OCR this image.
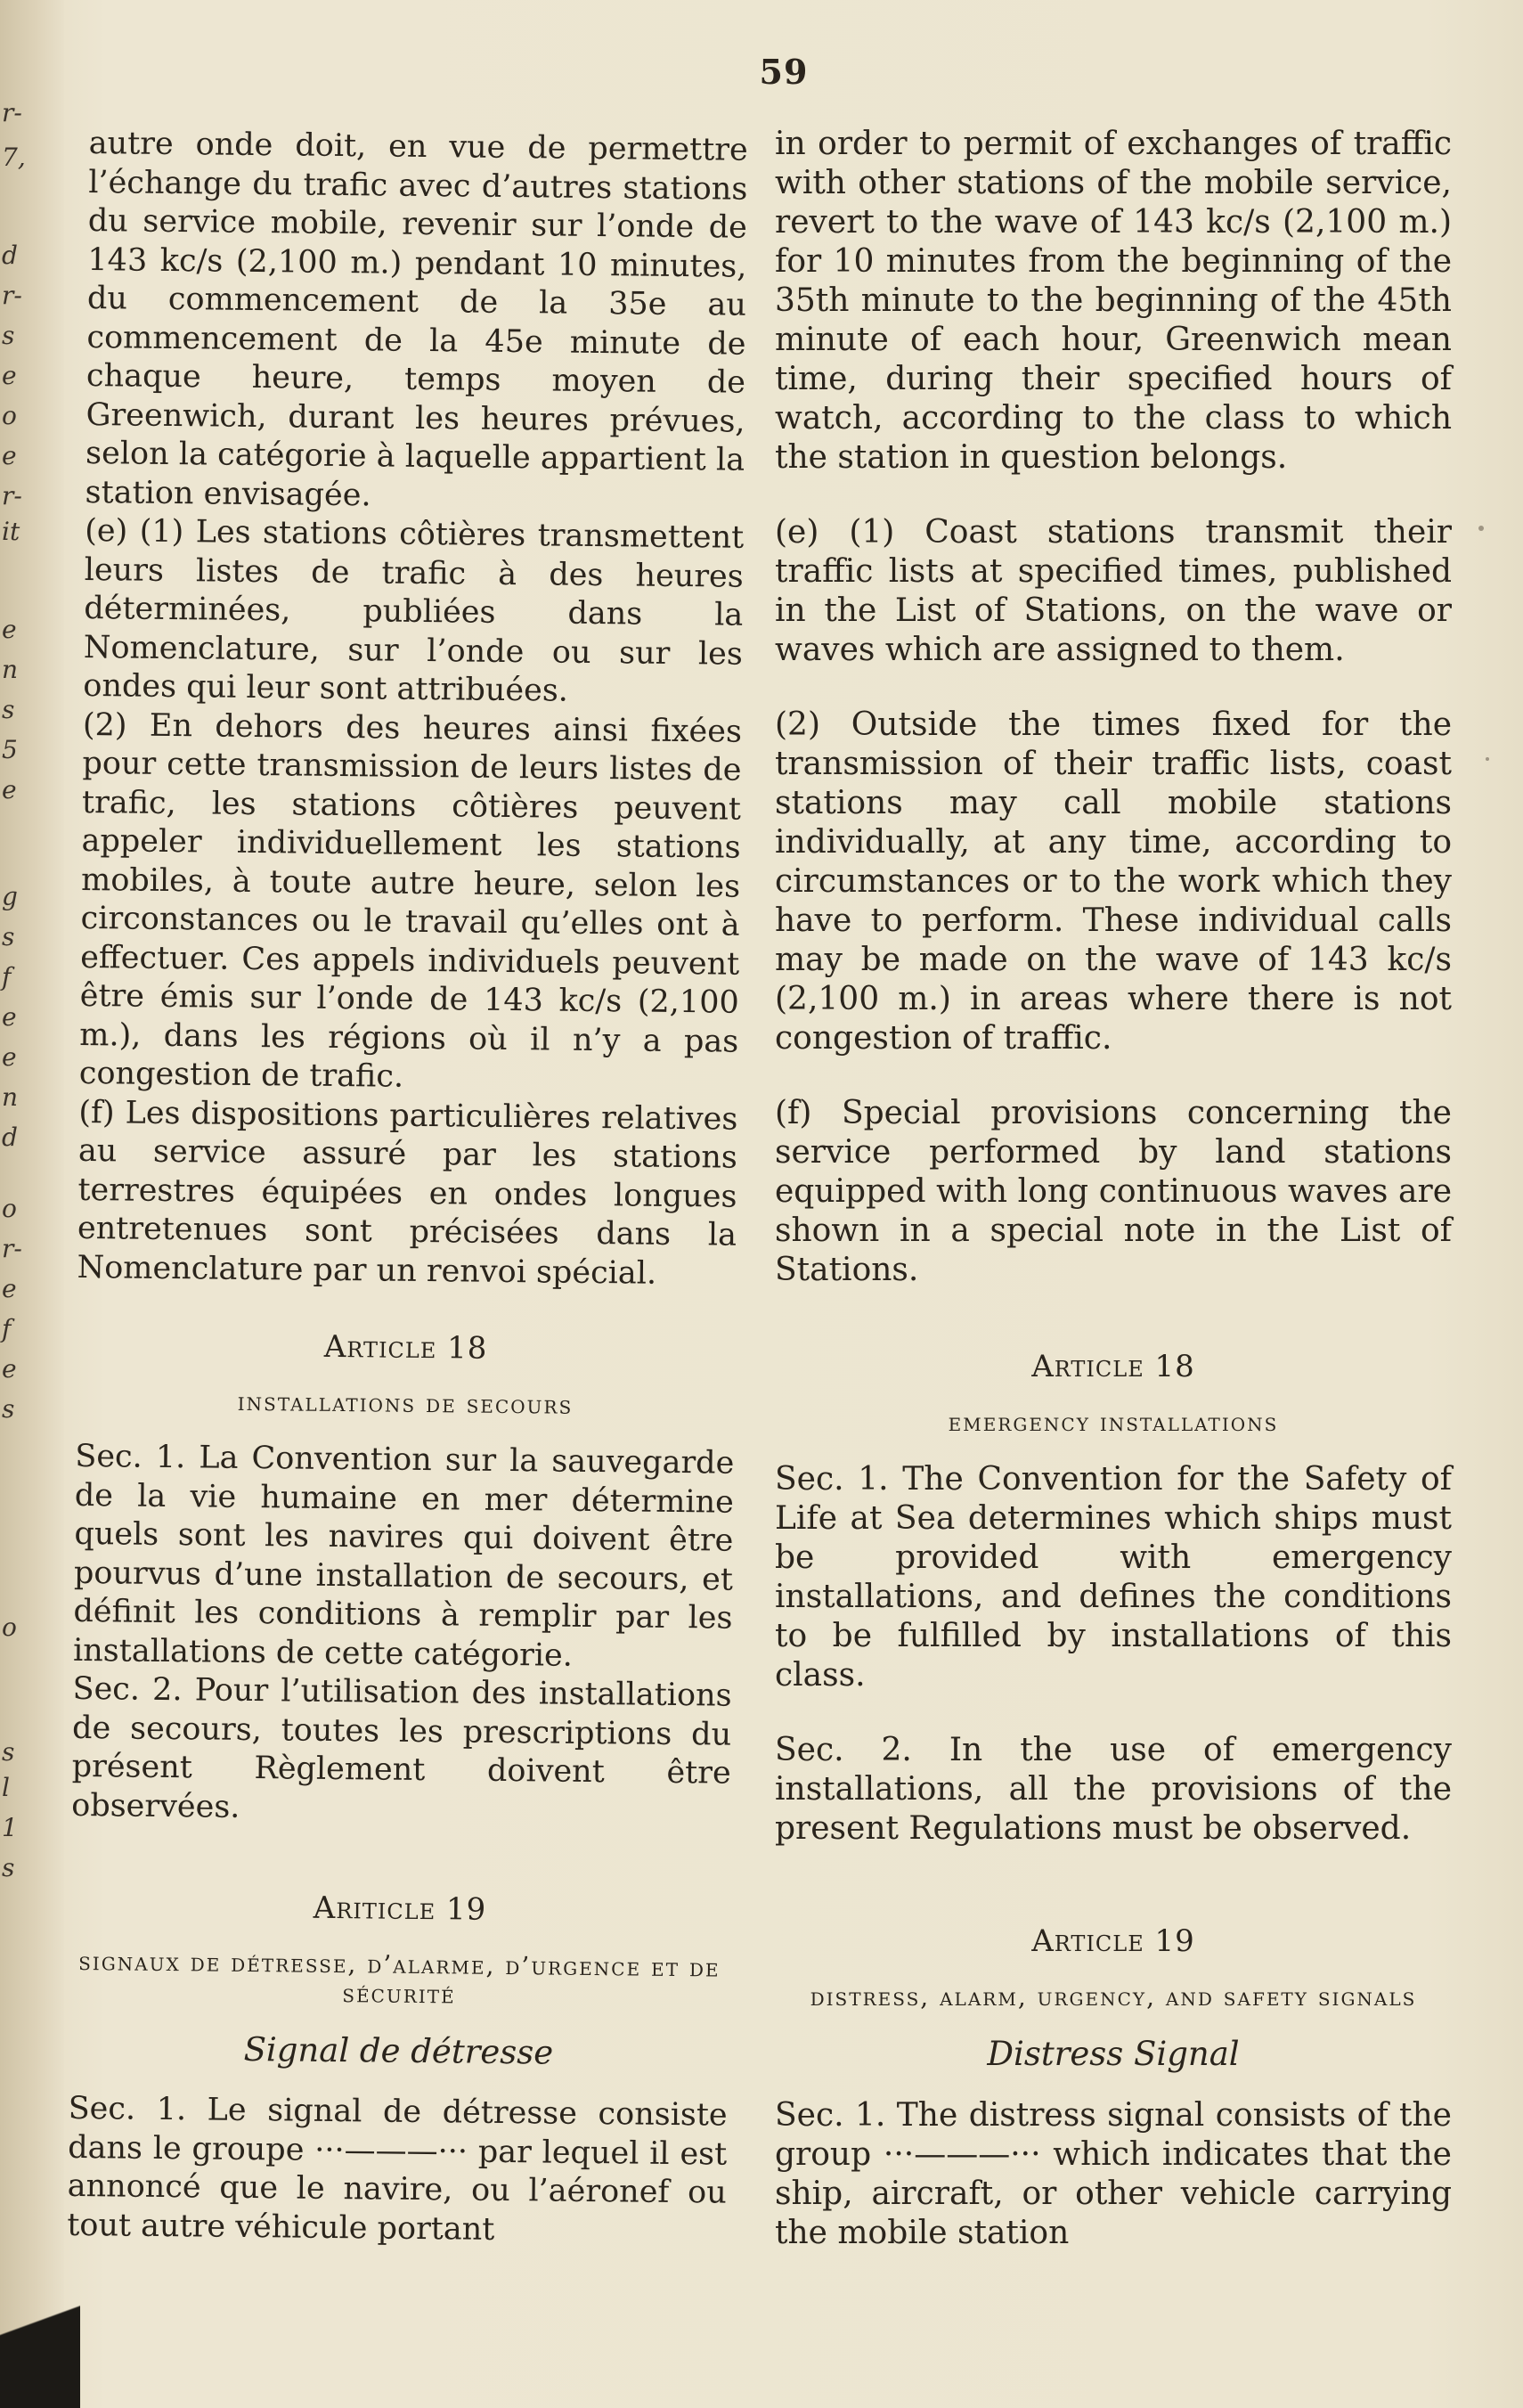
r-
7,
d
r-
s
e
o
e
r-
it
e
n
s
5
e
g
s
f
e
e
n
d
o
r-
e
f
e
s
o
s
l
1
s
59

autre onde doit, en vue de permettre l’échange du trafic avec d’autres stations du service mobile, revenir sur l’onde de 143 kc/s (2,100 m.) pendant 10 minutes, du commencement de la 35e au commencement de la 45e minute de chaque heure, temps moyen de Greenwich, durant les heures prévues, selon la catégorie à laquelle appartient la station envisagée.

(e) (1) Les stations côtières transmettent leurs listes de trafic à des heures déterminées, publiées dans la Nomenclature, sur l’onde ou sur les ondes qui leur sont attribuées.

(2) En dehors des heures ainsi fixées pour cette transmission de leurs listes de trafic, les stations côtières peuvent appeler individuellement les stations mobiles, à toute autre heure, selon les circonstances ou le travail qu’elles ont à effectuer. Ces appels individuels peuvent être émis sur l’onde de 143 kc/s (2,100 m.), dans les régions où il n’y a pas congestion de trafic.

(f) Les dispositions particulières relatives au service assuré par les stations terrestres équipées en ondes longues entretenues sont précisées dans la Nomenclature par un renvoi spécial.

Article 18

installations de secours

Sec. 1. La Convention sur la sauvegarde de la vie humaine en mer détermine quels sont les navires qui doivent être pourvus d’une installation de secours, et définit les conditions à remplir par les installations de cette catégorie.

Sec. 2. Pour l’utilisation des installations de secours, toutes les prescriptions du présent Règlement doivent être observées.

Ariticle 19

signaux de détresse, d’alarme, d’urgence et de sécurité

Signal de détresse

Sec. 1. Le signal de détresse consiste dans le groupe ···———··· par lequel il est annoncé que le navire, ou l’aéronef ou tout autre véhicule portant

in order to permit of exchanges of traffic with other stations of the mobile service, revert to the wave of 143 kc/s (2,100 m.) for 10 minutes from the beginning of the 35th minute to the beginning of the 45th minute of each hour, Greenwich mean time, during their specified hours of watch, according to the class to which the station in question belongs.

(e) (1) Coast stations transmit their traffic lists at specified times, published in the List of Stations, on the wave or waves which are assigned to them.

(2) Outside the times fixed for the transmission of their traffic lists, coast stations may call mobile stations individually, at any time, according to circumstances or to the work which they have to perform. These individual calls may be made on the wave of 143 kc/s (2,100 m.) in areas where there is not congestion of traffic.

(f) Special provisions concerning the service performed by land stations equipped with long continuous waves are shown in a special note in the List of Stations.

Article 18

emergency installations

Sec. 1. The Convention for the Safety of Life at Sea determines which ships must be provided with emergency installations, and defines the conditions to be fulfilled by installations of this class.

Sec. 2. In the use of emergency installations, all the provisions of the present Regulations must be observed.

Article 19

distress, alarm, urgency, and safety signals

Distress Signal

Sec. 1. The distress signal consists of the group ···———··· which indicates that the ship, aircraft, or other vehicle carrying the mobile station
